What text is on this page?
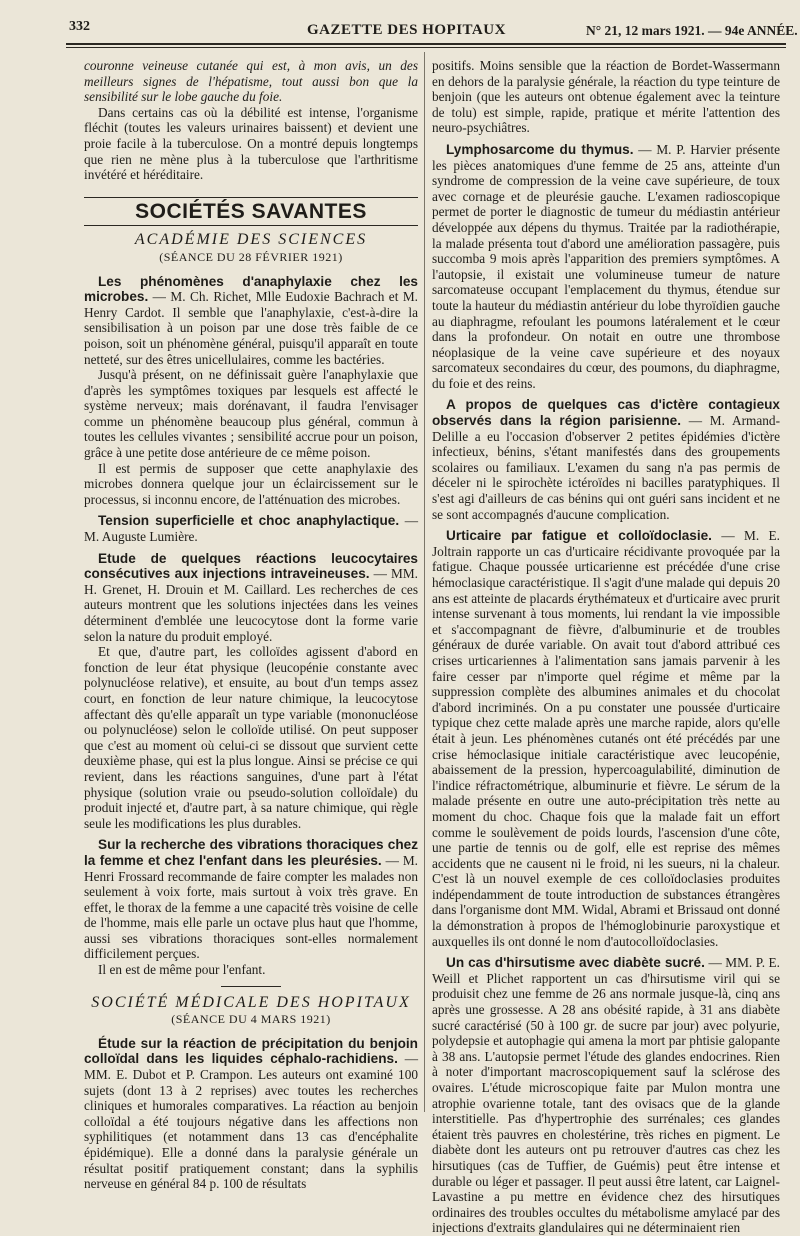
332	GAZETTE DES HOPITAUX	N° 21, 12 mars 1921. — 94e ANNÉE.

couronne veineuse cutanée qui est, à mon avis, un des meilleurs signes de l'hépatisme, tout aussi bon que la sensibilité sur le lobe gauche du foie.

Dans certains cas où la débilité est intense, l'organisme fléchit (toutes les valeurs urinaires baissent) et devient une proie facile à la tuberculose. On a montré depuis longtemps que rien ne mène plus à la tuberculose que l'arthritisme invétéré et héréditaire.

SOCIÉTÉS SAVANTES
ACADÉMIE DES SCIENCES
(SÉANCE DU 28 FÉVRIER 1921)

Les phénomènes d'anaphylaxie chez les microbes. — M. Ch. Richet, Mlle Eudoxie Bachrach et M. Henry Cardot. Il semble que l'anaphylaxie, c'est-à-dire la sensibilisation à un poison par une dose très faible de ce poison, soit un phénomène général, puisqu'il apparaît en toute netteté, sur des êtres unicellulaires, comme les bactéries.

Jusqu'à présent, on ne définissait guère l'anaphylaxie que d'après les symptômes toxiques par lesquels est affecté le système nerveux; mais dorénavant, il faudra l'envisager comme un phénomène beaucoup plus général, commun à toutes les cellules vivantes ; sensibilité accrue pour un poison, grâce à une petite dose antérieure de ce même poison.

Il est permis de supposer que cette anaphylaxie des microbes donnera quelque jour un éclaircissement sur le processus, si inconnu encore, de l'atténuation des microbes.

Tension superficielle et choc anaphylactique. — M. Auguste Lumière.

Etude de quelques réactions leucocytaires consécutives aux injections intraveineuses. — MM. H. Grenet, H. Drouin et M. Caillard. Les recherches de ces auteurs montrent que les solutions injectées dans les veines déterminent d'emblée une leucocytose dont la forme varie selon la nature du produit employé.

Et que, d'autre part, les colloïdes agissent d'abord en fonction de leur état physique (leucopénie constante avec polynucléose relative), et ensuite, au bout d'un temps assez court, en fonction de leur nature chimique, la leucocytose affectant dès qu'elle apparaît un type variable (mononucléose ou polynucléose) selon le colloïde utilisé. On peut supposer que c'est au moment où celui-ci se dissout que survient cette deuxième phase, qui est la plus longue. Ainsi se précise ce qui revient, dans les réactions sanguines, d'une part à l'état physique (solution vraie ou pseudo-solution colloïdale) du produit injecté et, d'autre part, à sa nature chimique, qui règle seule les modifications les plus durables.

Sur la recherche des vibrations thoraciques chez la femme et chez l'enfant dans les pleurésies. — M. Henri Frossard recommande de faire compter les malades non seulement à voix forte, mais surtout à voix très grave. En effet, le thorax de la femme a une capacité très voisine de celle de l'homme, mais elle parle un octave plus haut que l'homme, aussi ses vibrations thoraciques sont-elles normalement difficilement perçues.

Il en est de même pour l'enfant.

SOCIÉTÉ MÉDICALE DES HOPITAUX
(SÉANCE DU 4 MARS 1921)

Étude sur la réaction de précipitation du benjoin colloïdal dans les liquides céphalo-rachidiens. — MM. E. Dubot et P. Crampon. Les auteurs ont examiné 100 sujets (dont 13 à 2 reprises) avec toutes les recherches cliniques et humorales comparatives. La réaction au benjoin colloïdal a été toujours négative dans les affections non syphilitiques (et notamment dans 13 cas d'encéphalite épidémique). Elle a donné dans la paralysie générale un résultat positif pratiquement constant; dans la syphilis nerveuse en général 84 p. 100 de résultats

positifs. Moins sensible que la réaction de Bordet-Wassermann en dehors de la paralysie générale, la réaction du type teinture de benjoin (que les auteurs ont obtenue également avec la teinture de tolu) est simple, rapide, pratique et mérite l'attention des neuro-psychiâtres.

Lymphosarcome du thymus. — M. P. Harvier présente les pièces anatomiques d'une femme de 25 ans, atteinte d'un syndrome de compression de la veine cave supérieure, de toux avec cornage et de pleurésie gauche. L'examen radioscopique permet de porter le diagnostic de tumeur du médiastin antérieur développée aux dépens du thymus. Traitée par la radiothérapie, la malade présenta tout d'abord une amélioration passagère, puis succomba 9 mois après l'apparition des premiers symptômes. A l'autopsie, il existait une volumineuse tumeur de nature sarcomateuse occupant l'emplacement du thymus, étendue sur toute la hauteur du médiastin antérieur du lobe thyroïdien gauche au diaphragme, refoulant les poumons latéralement et le cœur dans la profondeur. On notait en outre une thrombose néoplasique de la veine cave supérieure et des noyaux sarcomateux secondaires du cœur, des poumons, du diaphragme, du foie et des reins.

A propos de quelques cas d'ictère contagieux observés dans la région parisienne. — M. Armand-Delille a eu l'occasion d'observer 2 petites épidémies d'ictère infectieux, bénins, s'étant manifestés dans des groupements scolaires ou familiaux. L'examen du sang n'a pas permis de déceler ni le spirochète ictéroïdes ni bacilles paratyphiques. Il s'est agi d'ailleurs de cas bénins qui ont guéri sans incident et ne se sont accompagnés d'aucune complication.

Urticaire par fatigue et colloïdoclasie. — M. E. Joltrain rapporte un cas d'urticaire récidivante provoquée par la fatigue. Chaque poussée urticarienne est précédée d'une crise hémoclasique caractéristique. Il s'agit d'une malade qui depuis 20 ans est atteinte de placards érythémateux et d'urticaire avec prurit intense survenant à tous moments, lui rendant la vie impossible et s'accompagnant de fièvre, d'albuminurie et de troubles généraux de durée variable. On avait tout d'abord attribué ces crises urticariennes à l'alimentation sans jamais parvenir à les faire cesser par n'importe quel régime et même par la suppression complète des albumines animales et du chocolat d'abord incriminés. On a pu constater une poussée d'urticaire typique chez cette malade après une marche rapide, alors qu'elle était à jeun. Les phénomènes cutanés ont été précédés par une crise hémoclasique initiale caractéristique avec leucopénie, abaissement de la pression, hypercoagulabilité, diminution de l'indice réfractométrique, albuminurie et fièvre. Le sérum de la malade présente en outre une auto-précipitation très nette au moment du choc. Chaque fois que la malade fait un effort comme le soulèvement de poids lourds, l'ascension d'une côte, une partie de tennis ou de golf, elle est reprise des mêmes accidents que ne causent ni le froid, ni les sueurs, ni la chaleur. C'est là un nouvel exemple de ces colloïdoclasies produites indépendamment de toute introduction de substances étrangères dans l'organisme dont MM. Widal, Abrami et Brissaud ont donné la démonstration à propos de l'hémoglobinurie paroxystique et auxquelles ils ont donné le nom d'autocolloïdoclasies.

Un cas d'hirsutisme avec diabète sucré. — MM. P. E. Weill et Plichet rapportent un cas d'hirsutisme viril qui se produisit chez une femme de 26 ans normale jusque-là, cinq ans après une grossesse. A 28 ans obésité rapide, à 31 ans diabète sucré caractérisé (50 à 100 gr. de sucre par jour) avec polyurie, polydepsie et autophagie qui amena la mort par phtisie galopante à 38 ans. L'autopsie permet l'étude des glandes endocrines. Rien à noter d'important macroscopiquement sauf la sclérose des ovaires. L'étude microscopique faite par Mulon montra une atrophie ovarienne totale, tant des ovisacs que de la glande interstitielle. Pas d'hypertrophie des surrénales; ces glandes étaient très pauvres en cholestérine, très riches en pigment. Le diabète dont les auteurs ont pu retrouver d'autres cas chez les hirsutiques (cas de Tuffier, de Guémis) peut être intense et durable ou léger et passager. Il peut aussi être latent, car Laignel-Lavastine a pu mettre en évidence chez des hirsutiques ordinaires des troubles occultes du métabolisme amylacé par des injections d'extraits glandulaires qui ne déterminaient rien
